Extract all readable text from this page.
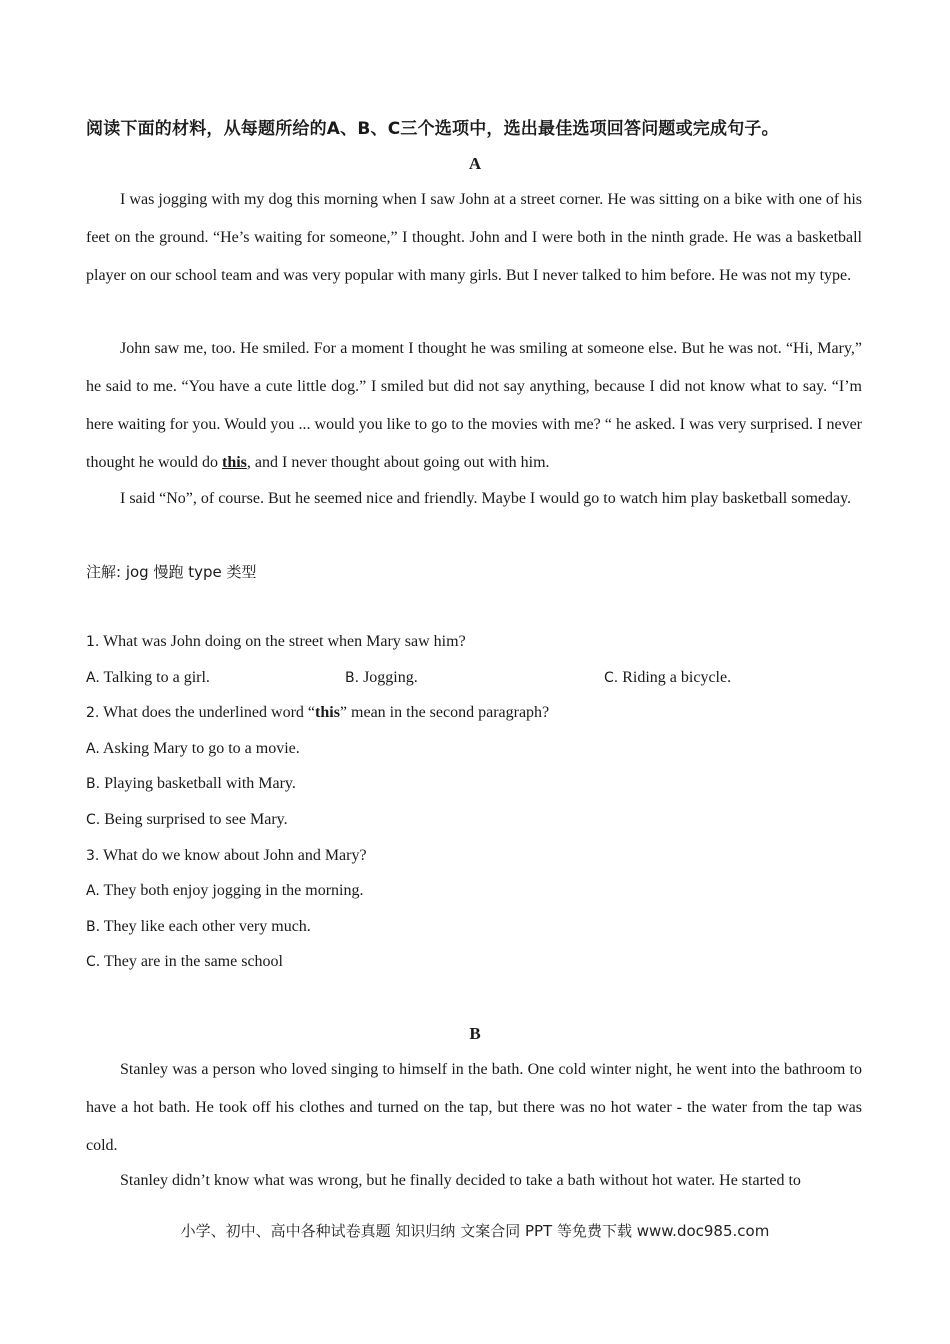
阅读下面的材料，从每题所给的A、B、C三个选项中，选出最佳选项回答问题或完成句子。
A

I was jogging with my dog this morning when I saw John at a street corner. He was sitting on a bike with one of his feet on the ground. “He’s waiting for someone,” I thought. John and I were both in the ninth grade. He was a basketball player on our school team and was very popular with many girls. But I never talked to him before. He was not my type.

John saw me, too. He smiled. For a moment I thought he was smiling at someone else. But he was not. “Hi, Mary,” he said to me. “You have a cute little dog.” I smiled but did not say anything, because I did not know what to say. “I’m here waiting for you. Would you ... would you like to go to the movies with me? “ he asked. I was very surprised. I never thought he would do this, and I never thought about going out with him.

I said “No”, of course. But he seemed nice and friendly. Maybe I would go to watch him play basketball someday.

注解: jog 慢跑 type 类型
1. What was John doing on the street when Mary saw him?
A. Talking to a girl.	B. Jogging.	C. Riding a bicycle.
2. What does the underlined word “this” mean in the second paragraph?
A. Asking Mary to go to a movie.
B. Playing basketball with Mary.
C. Being surprised to see Mary.
3. What do we know about John and Mary?
A. They both enjoy jogging in the morning.
B. They like each other very much.
C. They are in the same school
B

Stanley was a person who loved singing to himself in the bath. One cold winter night, he went into the bathroom to have a hot bath. He took off his clothes and turned on the tap, but there was no hot water - the water from the tap was cold.

Stanley didn’t know what was wrong, but he finally decided to take a bath without hot water. He started to

小学、初中、高中各种试卷真题 知识归纳 文案合同 PPT 等免费下载 www.doc985.com
